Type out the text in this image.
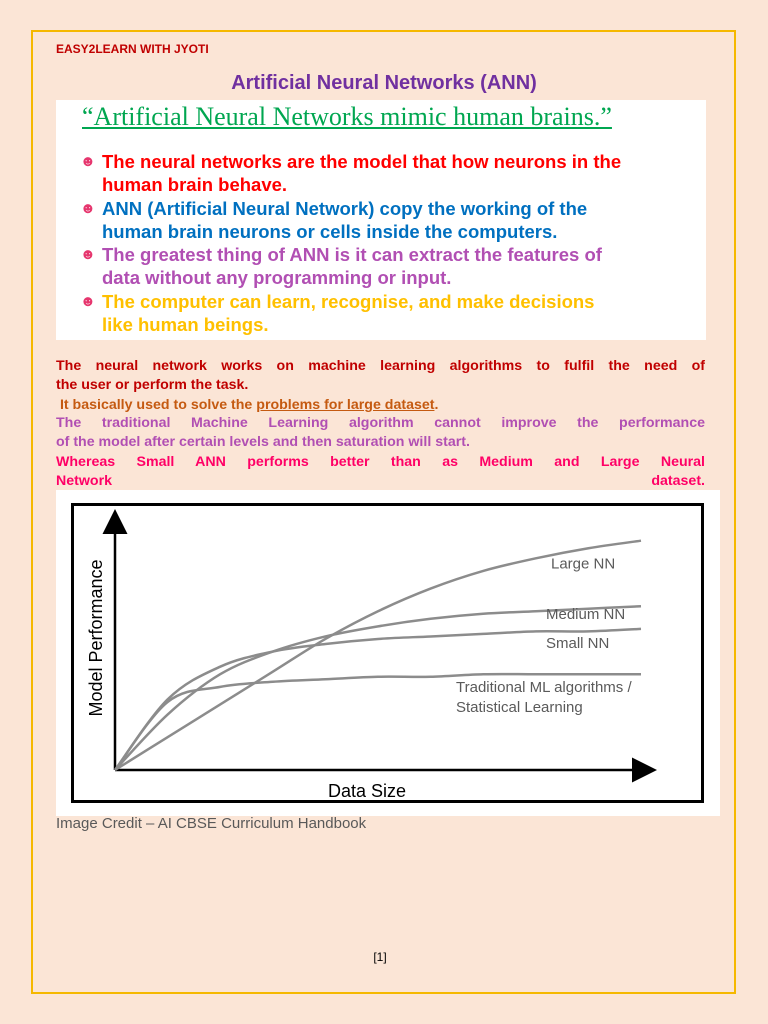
EASY2LEARN WITH JYOTI
Artificial Neural Networks (ANN)
“Artificial Neural Networks mimic human brains.”
☻ The neural networks are the model that how neurons in the
human brain behave.
☻ ANN (Artificial Neural Network) copy the working of the
human brain neurons or cells inside the computers.
☻ The greatest thing of ANN is it can extract the features of
data without any programming or input.
☻ The computer can learn, recognise, and make decisions
like human beings.
The neural network works on machine learning algorithms to fulfil the need of
the user or perform the task.
It basically used to solve the problems for large dataset.
The traditional Machine Learning algorithm cannot improve the performance
of the model after certain levels and then saturation will start.
Whereas Small ANN performs better than as Medium and Large Neural
Network	dataset.
Large NN
Medium NN
Small NN
Traditional ML algorithms /
Statistical Learning
Data Size
Model Performance
Image Credit – AI CBSE Curriculum Handbook
[1]
